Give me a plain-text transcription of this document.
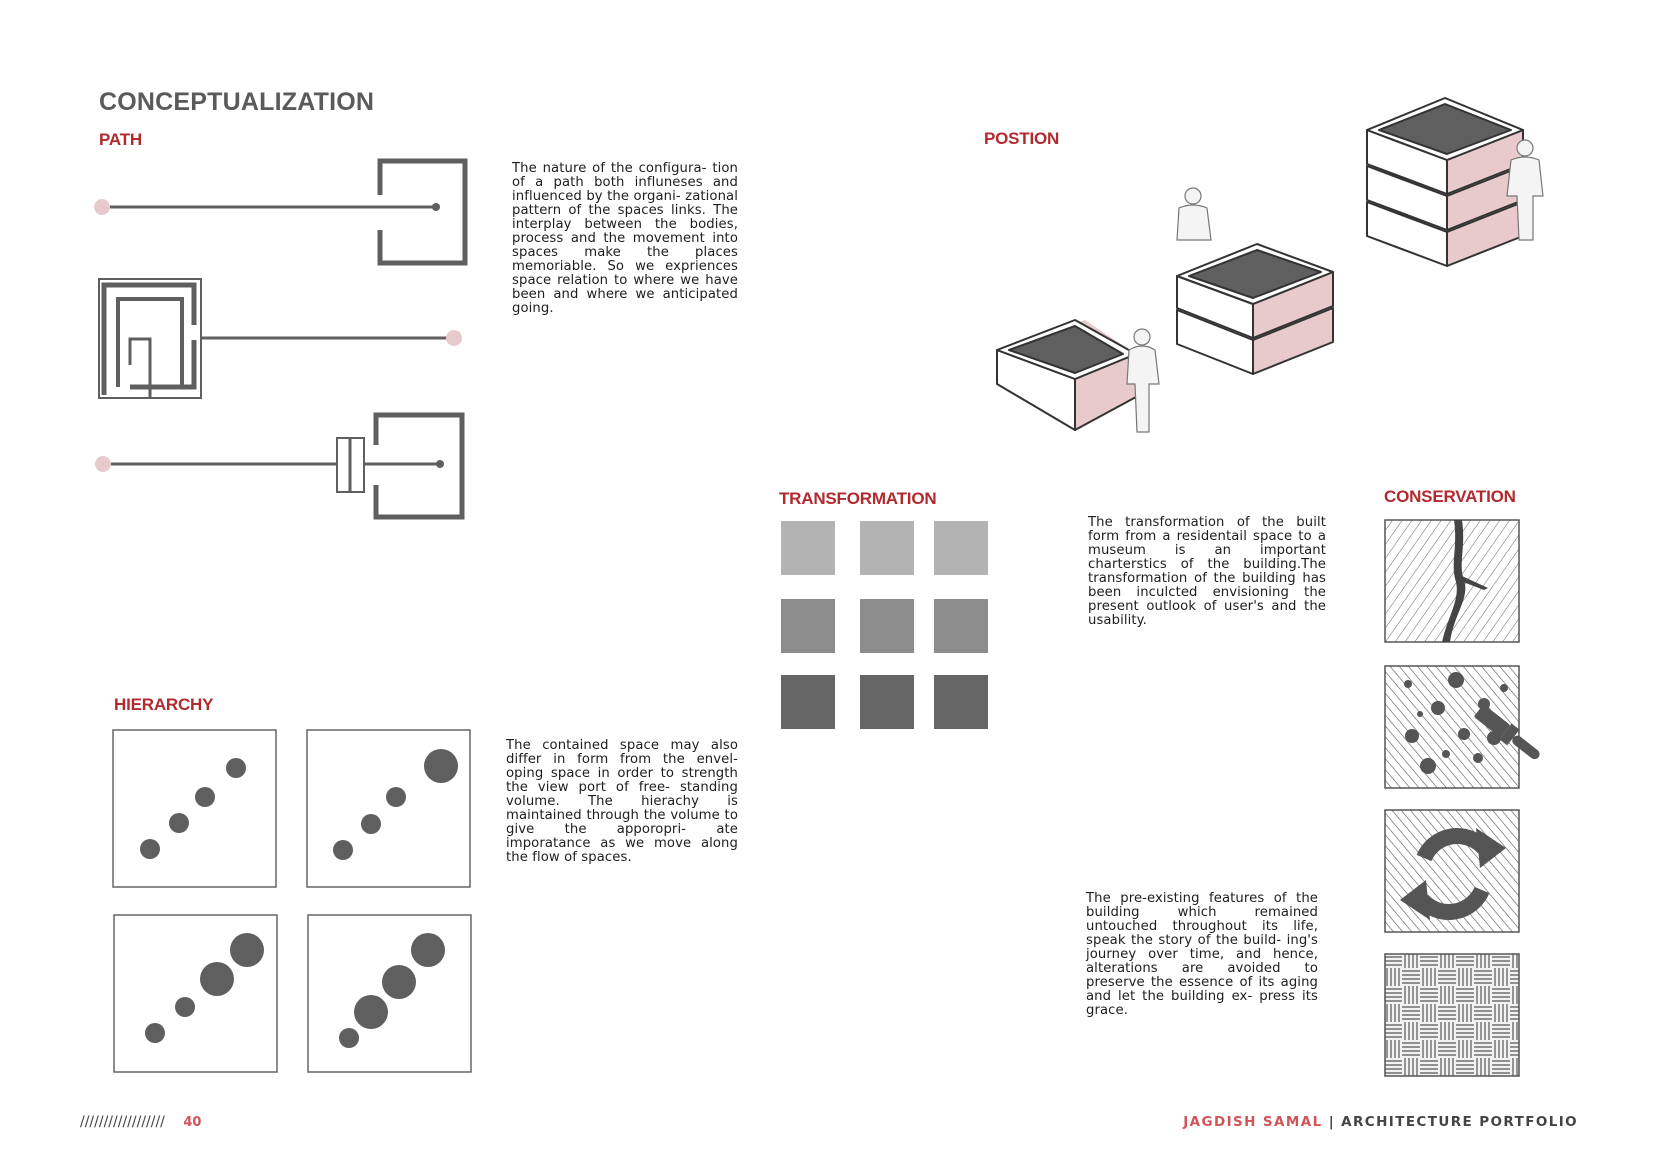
CONCEPTUALIZATION
PATH
The nature of the configura- tion of a path both influneses and influenced by the organi- zational pattern of the spaces links. The interplay between the bodies, process and the movement into spaces make the places memoriable. So we expriences space relation to where we have been and where we anticipated going.
POSTION
TRANSFORMATION
The transformation of the built form from a residentail space to a museum is an important charterstics of the building.The transformation of the building has been inculcted envisioning the present outlook of user's and the usability.
CONSERVATION
The pre-existing features of the building which remained untouched throughout its life, speak the story of the build- ing's journey over time, and hence, alterations are avoided to preserve the essence of its aging and let the building ex- press its grace.
HIERARCHY
The contained space may also differ in form from the envel- oping space in order to strength the view port of free- standing volume. The hierachy is maintained through the volume to give the apporopri- ate imporatance as we move along the flow of spaces.
////////////////// 40	JAGDISH SAMAL | ARCHITECTURE PORTFOLIO
